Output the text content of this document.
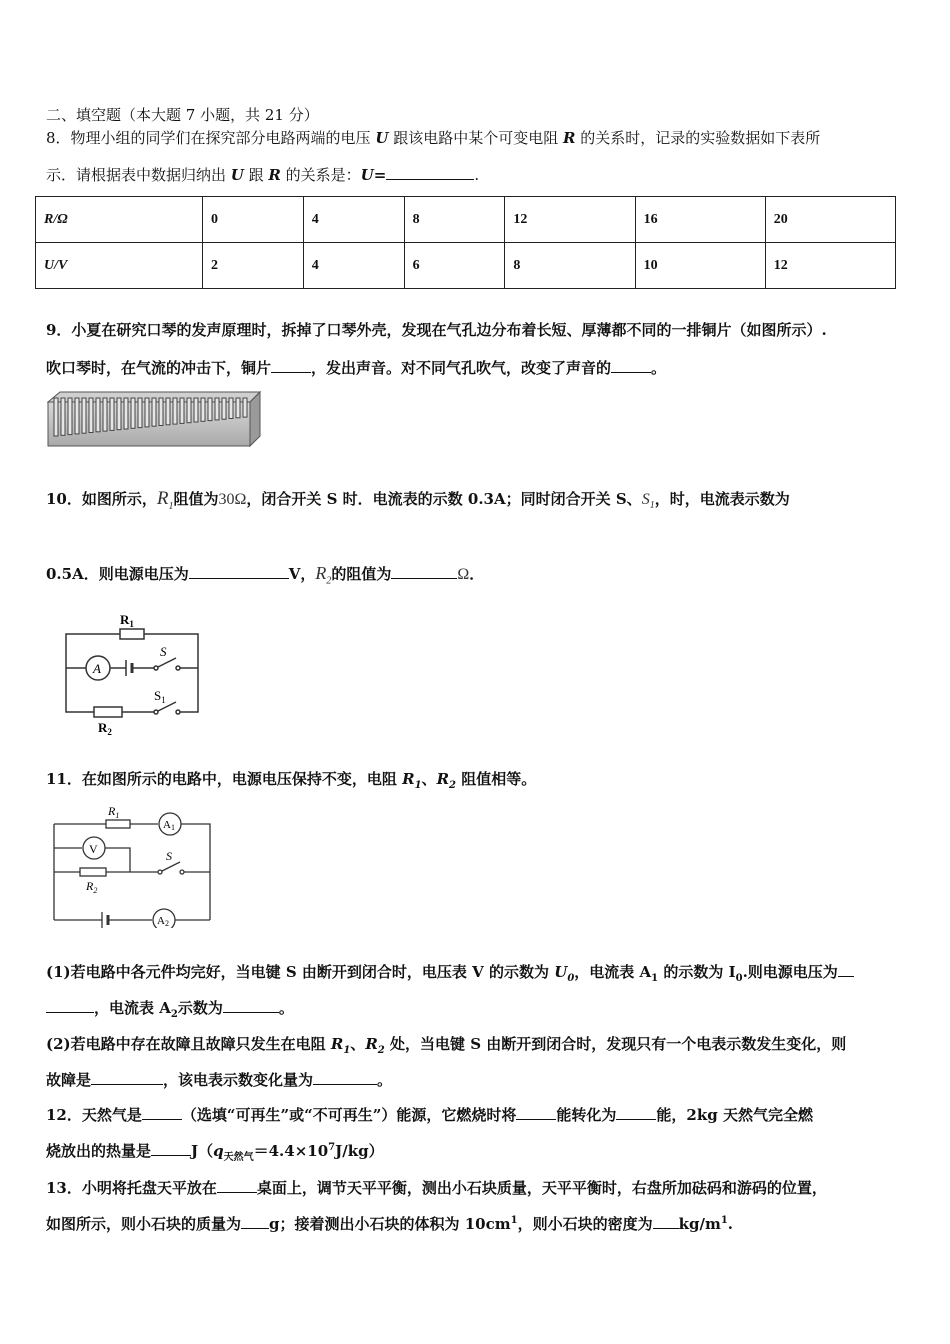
二、填空题（本大题 7 小题，共 21 分）
8．物理小组的同学们在探究部分电路两端的电压 U 跟该电路中某个可变电阻 R 的关系时，记录的实验数据如下表所
示．请根据表中数据归纳出 U 跟 R 的关系是：U=	.
R/Ω	0	4	8	12	16	20
U/V	2	4	6	8	10	12
9．小夏在研究口琴的发声原理时，拆掉了口琴外壳，发现在气孔边分布着长短、厚薄都不同的一排铜片（如图所示）.
吹口琴时，在气流的冲击下，铜片	，发出声音。对不同气孔吹气，改变了声音的	。
10．如图所示，$R_1$阻值为30Ω，闭合开关 S 时．电流表的示数 0.3A；同时闭合开关 S、$S_1$，时，电流表示数为
0.5A．则电源电压为	V，$R_2$的阻值为	Ω．
$R_1$
A
S
$S_1$
$R_2$
11．在如图所示的电路中，电源电压保持不变，电阻 $R_1$、$R_2$ 阻值相等。
$R_1$
A1
V	S
$R_2$
A2
(1)若电路中各元件均完好，当电键 S 由断开到闭合时，电压表 V 的示数为 $U_0$，电流表 $A_1$ 的示数为 $I_0$.则电源电压为
，电流表 $A_2$示数为	。
(2)若电路中存在故障且故障只发生在电阻 $R_1$、$R_2$ 处，当电键 S 由断开到闭合时，发现只有一个电表示数发生变化，则
故障是	，该电表示数变化量为	。
12．天然气是	（选填“可再生”或“不可再生”）能源，它燃烧时将	能转化为	能，2kg 天然气完全燃
烧放出的热量是	$J(q_{天然气}=4.4\times 10^7J/kg)$
13．小明将托盘天平放在	桌面上，调节天平平衡，测出小石块质量，天平平衡时，右盘所加砝码和游码的位置，
如图所示，则小石块的质量为 g；接着测出小石块的体积为 $10cm^1$，则小石块的密度为 $kg/m^1$.
